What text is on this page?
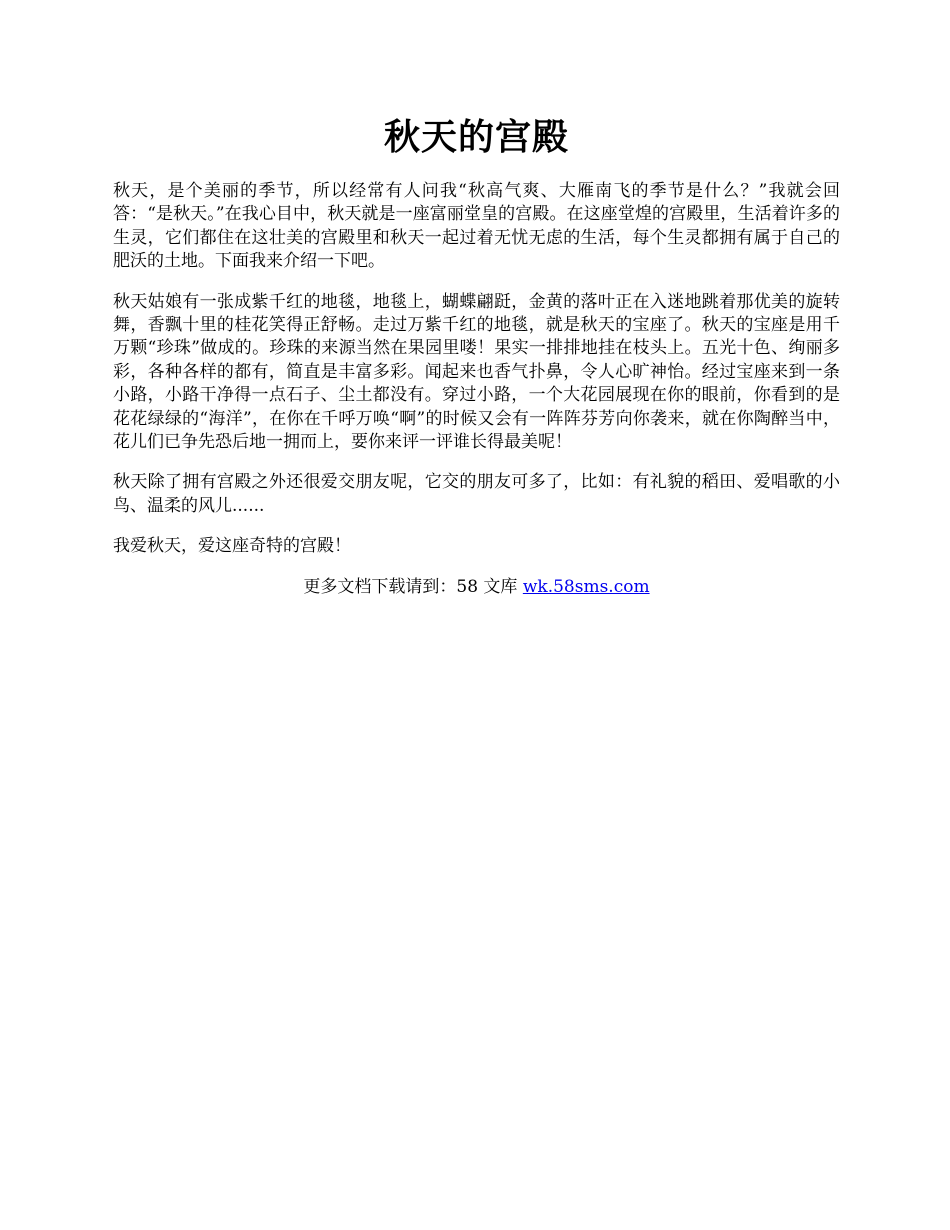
秋天的宫殿

秋天，是个美丽的季节，所以经常有人问我“秋高气爽、大雁南飞的季节是什么？”我就会回答：“是秋天。”在我心目中，秋天就是一座富丽堂皇的宫殿。在这座堂煌的宫殿里，生活着许多的生灵，它们都住在这壮美的宫殿里和秋天一起过着无忧无虑的生活，每个生灵都拥有属于自己的肥沃的土地。下面我来介绍一下吧。

秋天姑娘有一张成紫千红的地毯，地毯上，蝴蝶翩跹，金黄的落叶正在入迷地跳着那优美的旋转舞，香飘十里的桂花笑得正舒畅。走过万紫千红的地毯，就是秋天的宝座了。秋天的宝座是用千万颗“珍珠”做成的。珍珠的来源当然在果园里喽！果实一排排地挂在枝头上。五光十色、绚丽多彩，各种各样的都有，简直是丰富多彩。闻起来也香气扑鼻，令人心旷神怡。经过宝座来到一条小路，小路干净得一点石子、尘土都没有。穿过小路，一个大花园展现在你的眼前，你看到的是花花绿绿的“海洋”，在你在千呼万唤“啊”的时候又会有一阵阵芬芳向你袭来，就在你陶醉当中，花儿们已争先恐后地一拥而上，要你来评一评谁长得最美呢！

秋天除了拥有宫殿之外还很爱交朋友呢，它交的朋友可多了，比如：有礼貌的稻田、爱唱歌的小鸟、温柔的风儿......

我爱秋天，爱这座奇特的宫殿！

更多文档下载请到：58 文库 wk.58sms.com
